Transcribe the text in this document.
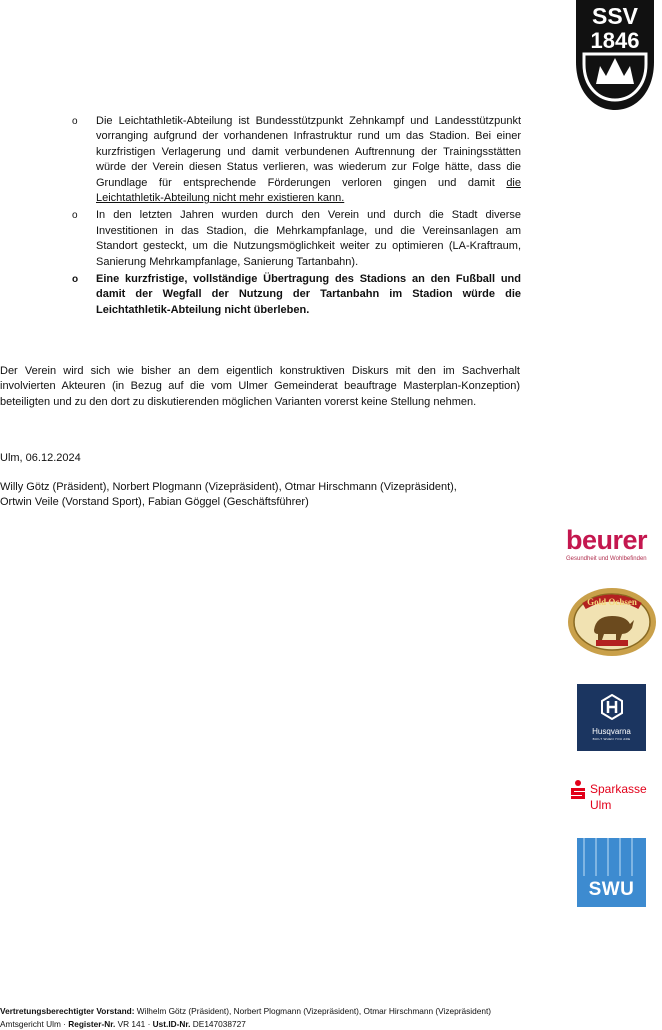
SSV
1846
o Die Leichtathletik-Abteilung ist Bundesstützpunkt Zehnkampf und Landesstützpunkt vorranging aufgrund der vorhandenen Infrastruktur rund um das Stadion. Bei einer kurzfristigen Verlagerung und damit verbundenen Auftrennung der Trainingsstätten würde der Verein diesen Status verlieren, was wiederum zur Folge hätte, dass die Grundlage für entsprechende Förderungen verloren gingen und damit die Leichtathletik-Abteilung nicht mehr existieren kann.
o In den letzten Jahren wurden durch den Verein und durch die Stadt diverse Investitionen in das Stadion, die Mehrkampfanlage, und die Vereinsanlagen am Standort gesteckt, um die Nutzungsmöglichkeit weiter zu optimieren (LA-Kraftraum, Sanierung Mehrkampfanlage, Sanierung Tartanbahn).
o Eine kurzfristige, vollständige Übertragung des Stadions an den Fußball und damit der Wegfall der Nutzung der Tartanbahn im Stadion würde die Leichtathletik-Abteilung nicht überleben.

Der Verein wird sich wie bisher an dem eigentlich konstruktiven Diskurs mit den im Sachverhalt involvierten Akteuren (in Bezug auf die vom Ulmer Gemeinderat beauftrage Masterplan-Konzeption) beteiligten und zu den dort zu diskutierenden möglichen Varianten vorerst keine Stellung nehmen.

Ulm, 06.12.2024

Willy Götz (Präsident), Norbert Plogmann (Vizepräsident), Otmar Hirschmann (Vizepräsident),
Ortwin Veile (Vorstand Sport), Fabian Göggel (Geschäftsführer)

beurer
Gesundheit und Wohlbefinden
Gold Ochsen
Husqvarna
BUILT WHEN YOU ARE
Sparkasse
Ulm
SWU

Vertretungsberechtigter Vorstand: Wilhelm Götz (Präsident), Norbert Plogmann (Vizepräsident), Otmar Hirschmann (Vizepräsident)

Amtsgericht Ulm · Register-Nr. VR 141 · Ust.ID-Nr. DE147038727
